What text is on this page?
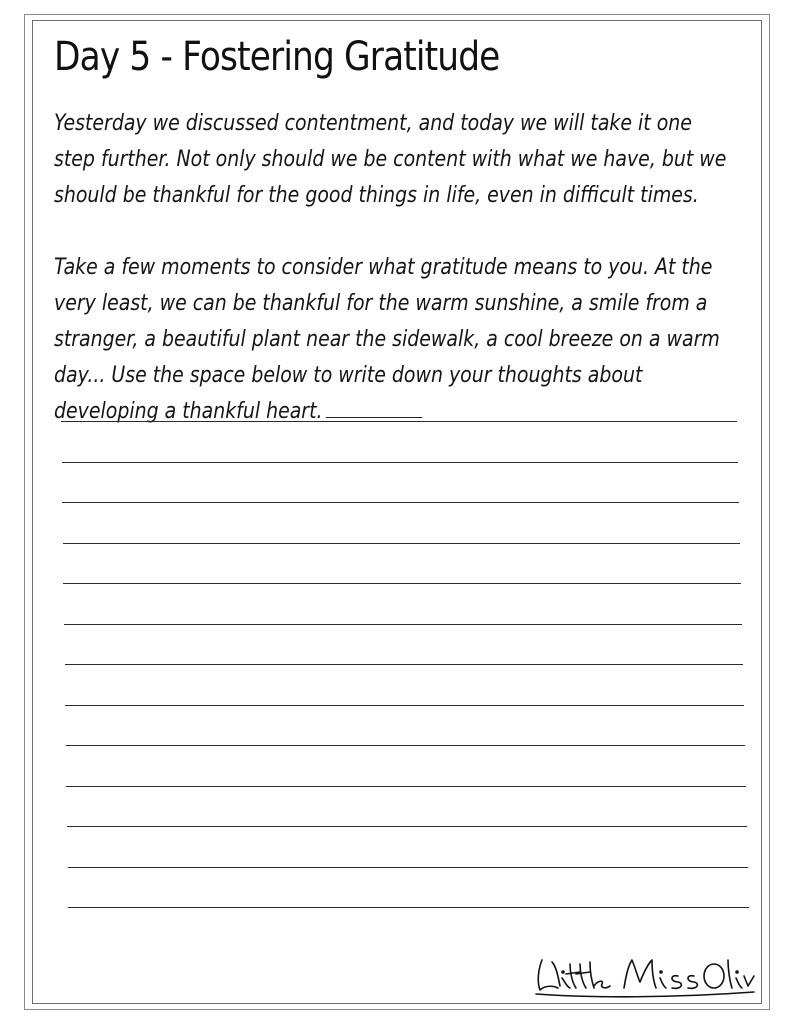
Day 5 - Fostering Gratitude

Yesterday we discussed contentment, and today we will take it one step further. Not only should we be content with what we have, but we should be thankful for the good things in life, even in difficult times.

Take a few moments to consider what gratitude means to you. At the very least, we can be thankful for the warm sunshine, a smile from a stranger, a beautiful plant near the sidewalk, a cool breeze on a warm day... Use the space below to write down your thoughts about developing a thankful heart.
